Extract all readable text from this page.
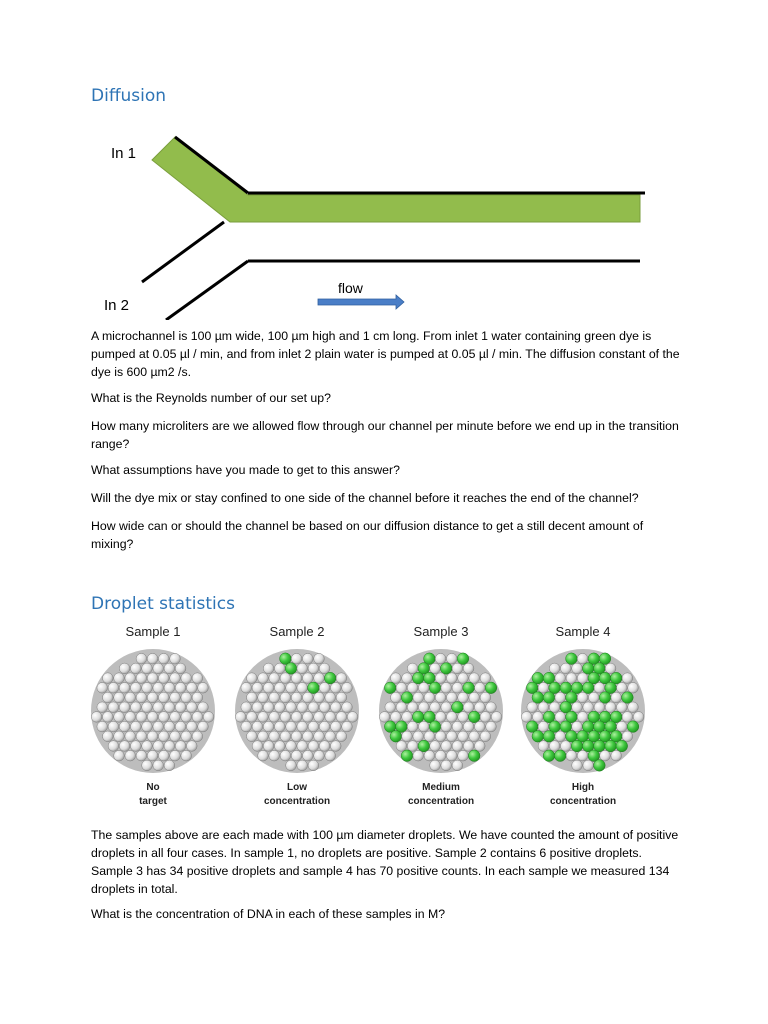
Diffusion
In 1
In 2
flow

A microchannel is 100 µm wide, 100 µm high and 1 cm long. From inlet 1 water containing green dye is pumped at 0.05 µl / min, and from inlet 2 plain water is pumped at 0.05 µl / min. The diffusion constant of the dye is 600 µm2 /s.

What is the Reynolds number of our set up?

How many microliters are we allowed flow through our channel per minute before we end up in the transition range?

What assumptions have you made to get to this answer?

Will the dye mix or stay confined to one side of the channel before it reaches the end of the channel?

How wide can or should the channel be based on our diffusion distance to get a still decent amount of mixing?

Droplet statistics
Sample 1
No
target
Sample 2
Low
concentration
Sample 3
Medium
concentration
Sample 4
High
concentration

The samples above are each made with 100 µm diameter droplets. We have counted the amount of positive droplets in all four cases. In sample 1, no droplets are positive. Sample 2 contains 6 positive droplets. Sample 3 has 34 positive droplets and sample 4 has 70 positive counts. In each sample we measured 134 droplets in total.

What is the concentration of DNA in each of these samples in M?
